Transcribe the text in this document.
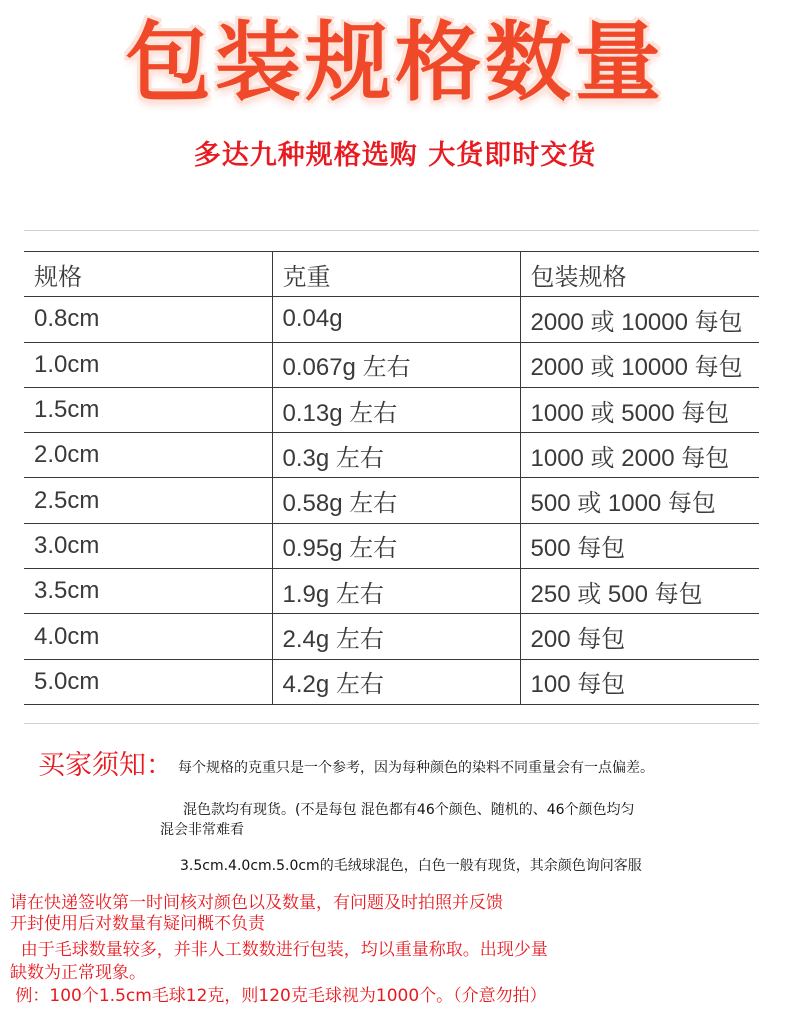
包装规格数量
多达九种规格选购 大货即时交货
规格	克重	包装规格
0.8cm	0.04g	2000 或 10000 每包
1.0cm	0.067g 左右	2000 或 10000 每包
1.5cm	0.13g 左右	1000 或 5000 每包
2.0cm	0.3g 左右	1000 或 2000 每包
2.5cm	0.58g 左右	500 或 1000 每包
3.0cm	0.95g 左右	500 每包
3.5cm	1.9g 左右	250 或 500 每包
4.0cm	2.4g 左右	200 每包
5.0cm	4.2g 左右	100 每包
买家须知： 每个规格的克重只是一个参考，因为每种颜色的染料不同重量会有一点偏差。
混色款均有现货。(不是每包 混色都有46个颜色、随机的、46个颜色均匀
混会非常难看
3.5cm.4.0cm.5.0cm的毛绒球混色，白色一般有现货，其余颜色询问客服
请在快递签收第一时间核对颜色以及数量，有问题及时拍照并反馈
开封使用后对数量有疑问概不负责
由于毛球数量较多，并非人工数数进行包装，均以重量称取。出现少量
缺数为正常现象。
例：100个1.5cm毛球12克，则120克毛球视为1000个。（介意勿拍）
